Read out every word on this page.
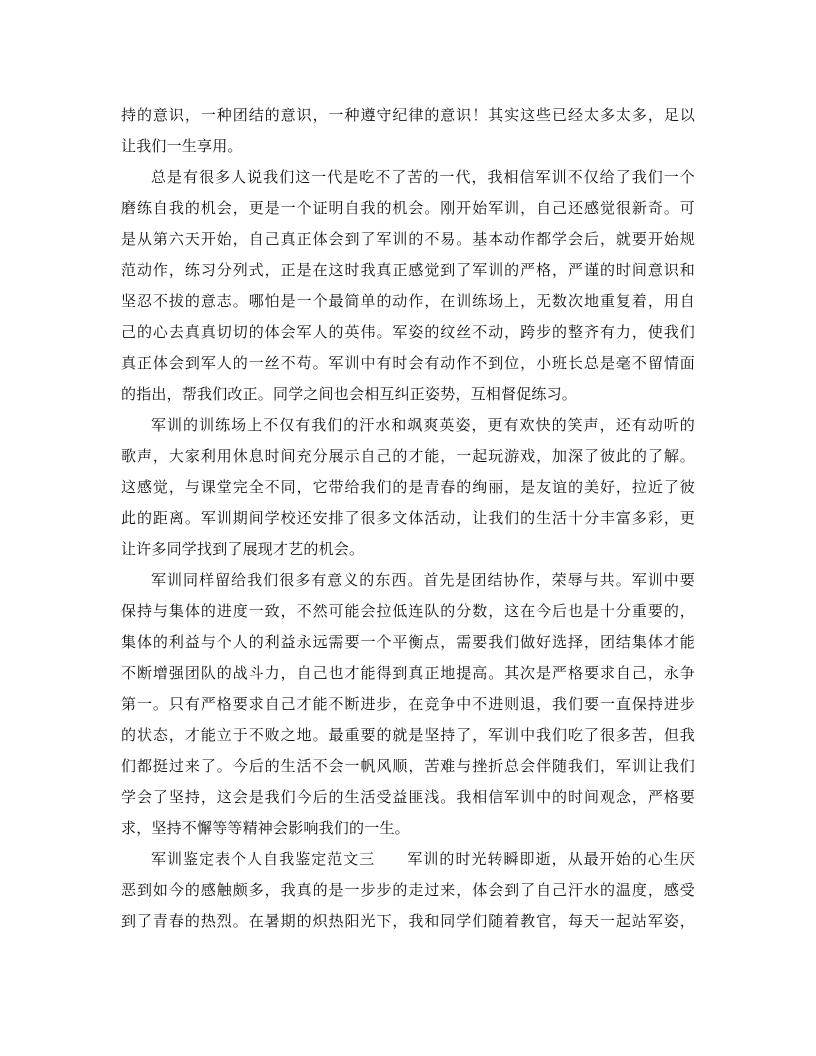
持的意识，一种团结的意识，一种遵守纪律的意识！其实这些已经太多太多，足以
让我们一生享用。
总是有很多人说我们这一代是吃不了苦的一代，我相信军训不仅给了我们一个
磨练自我的机会，更是一个证明自我的机会。刚开始军训，自己还感觉很新奇。可
是从第六天开始，自己真正体会到了军训的不易。基本动作都学会后，就要开始规
范动作，练习分列式，正是在这时我真正感觉到了军训的严格，严谨的时间意识和
坚忍不拔的意志。哪怕是一个最简单的动作，在训练场上，无数次地重复着，用自
己的心去真真切切的体会军人的英伟。军姿的纹丝不动，跨步的整齐有力，使我们
真正体会到军人的一丝不苟。军训中有时会有动作不到位，小班长总是毫不留情面
的指出，帮我们改正。同学之间也会相互纠正姿势，互相督促练习。
军训的训练场上不仅有我们的汗水和飒爽英姿，更有欢快的笑声，还有动听的
歌声，大家利用休息时间充分展示自己的才能，一起玩游戏，加深了彼此的了解。
这感觉，与课堂完全不同，它带给我们的是青春的绚丽，是友谊的美好，拉近了彼
此的距离。军训期间学校还安排了很多文体活动，让我们的生活十分丰富多彩，更
让许多同学找到了展现才艺的机会。
军训同样留给我们很多有意义的东西。首先是团结协作，荣辱与共。军训中要
保持与集体的进度一致，不然可能会拉低连队的分数，这在今后也是十分重要的，
集体的利益与个人的利益永远需要一个平衡点，需要我们做好选择，团结集体才能
不断增强团队的战斗力，自己也才能得到真正地提高。其次是严格要求自己，永争
第一。只有严格要求自己才能不断进步，在竞争中不进则退，我们要一直保持进步
的状态，才能立于不败之地。最重要的就是坚持了，军训中我们吃了很多苦，但我
们都挺过来了。今后的生活不会一帆风顺，苦难与挫折总会伴随我们，军训让我们
学会了坚持，这会是我们今后的生活受益匪浅。我相信军训中的时间观念，严格要
求，坚持不懈等等精神会影响我们的一生。
军训鉴定表个人自我鉴定范文三　　军训的时光转瞬即逝，从最开始的心生厌
恶到如今的感触颇多，我真的是一步步的走过来，体会到了自己汗水的温度，感受
到了青春的热烈。在暑期的炽热阳光下，我和同学们随着教官，每天一起站军姿，
